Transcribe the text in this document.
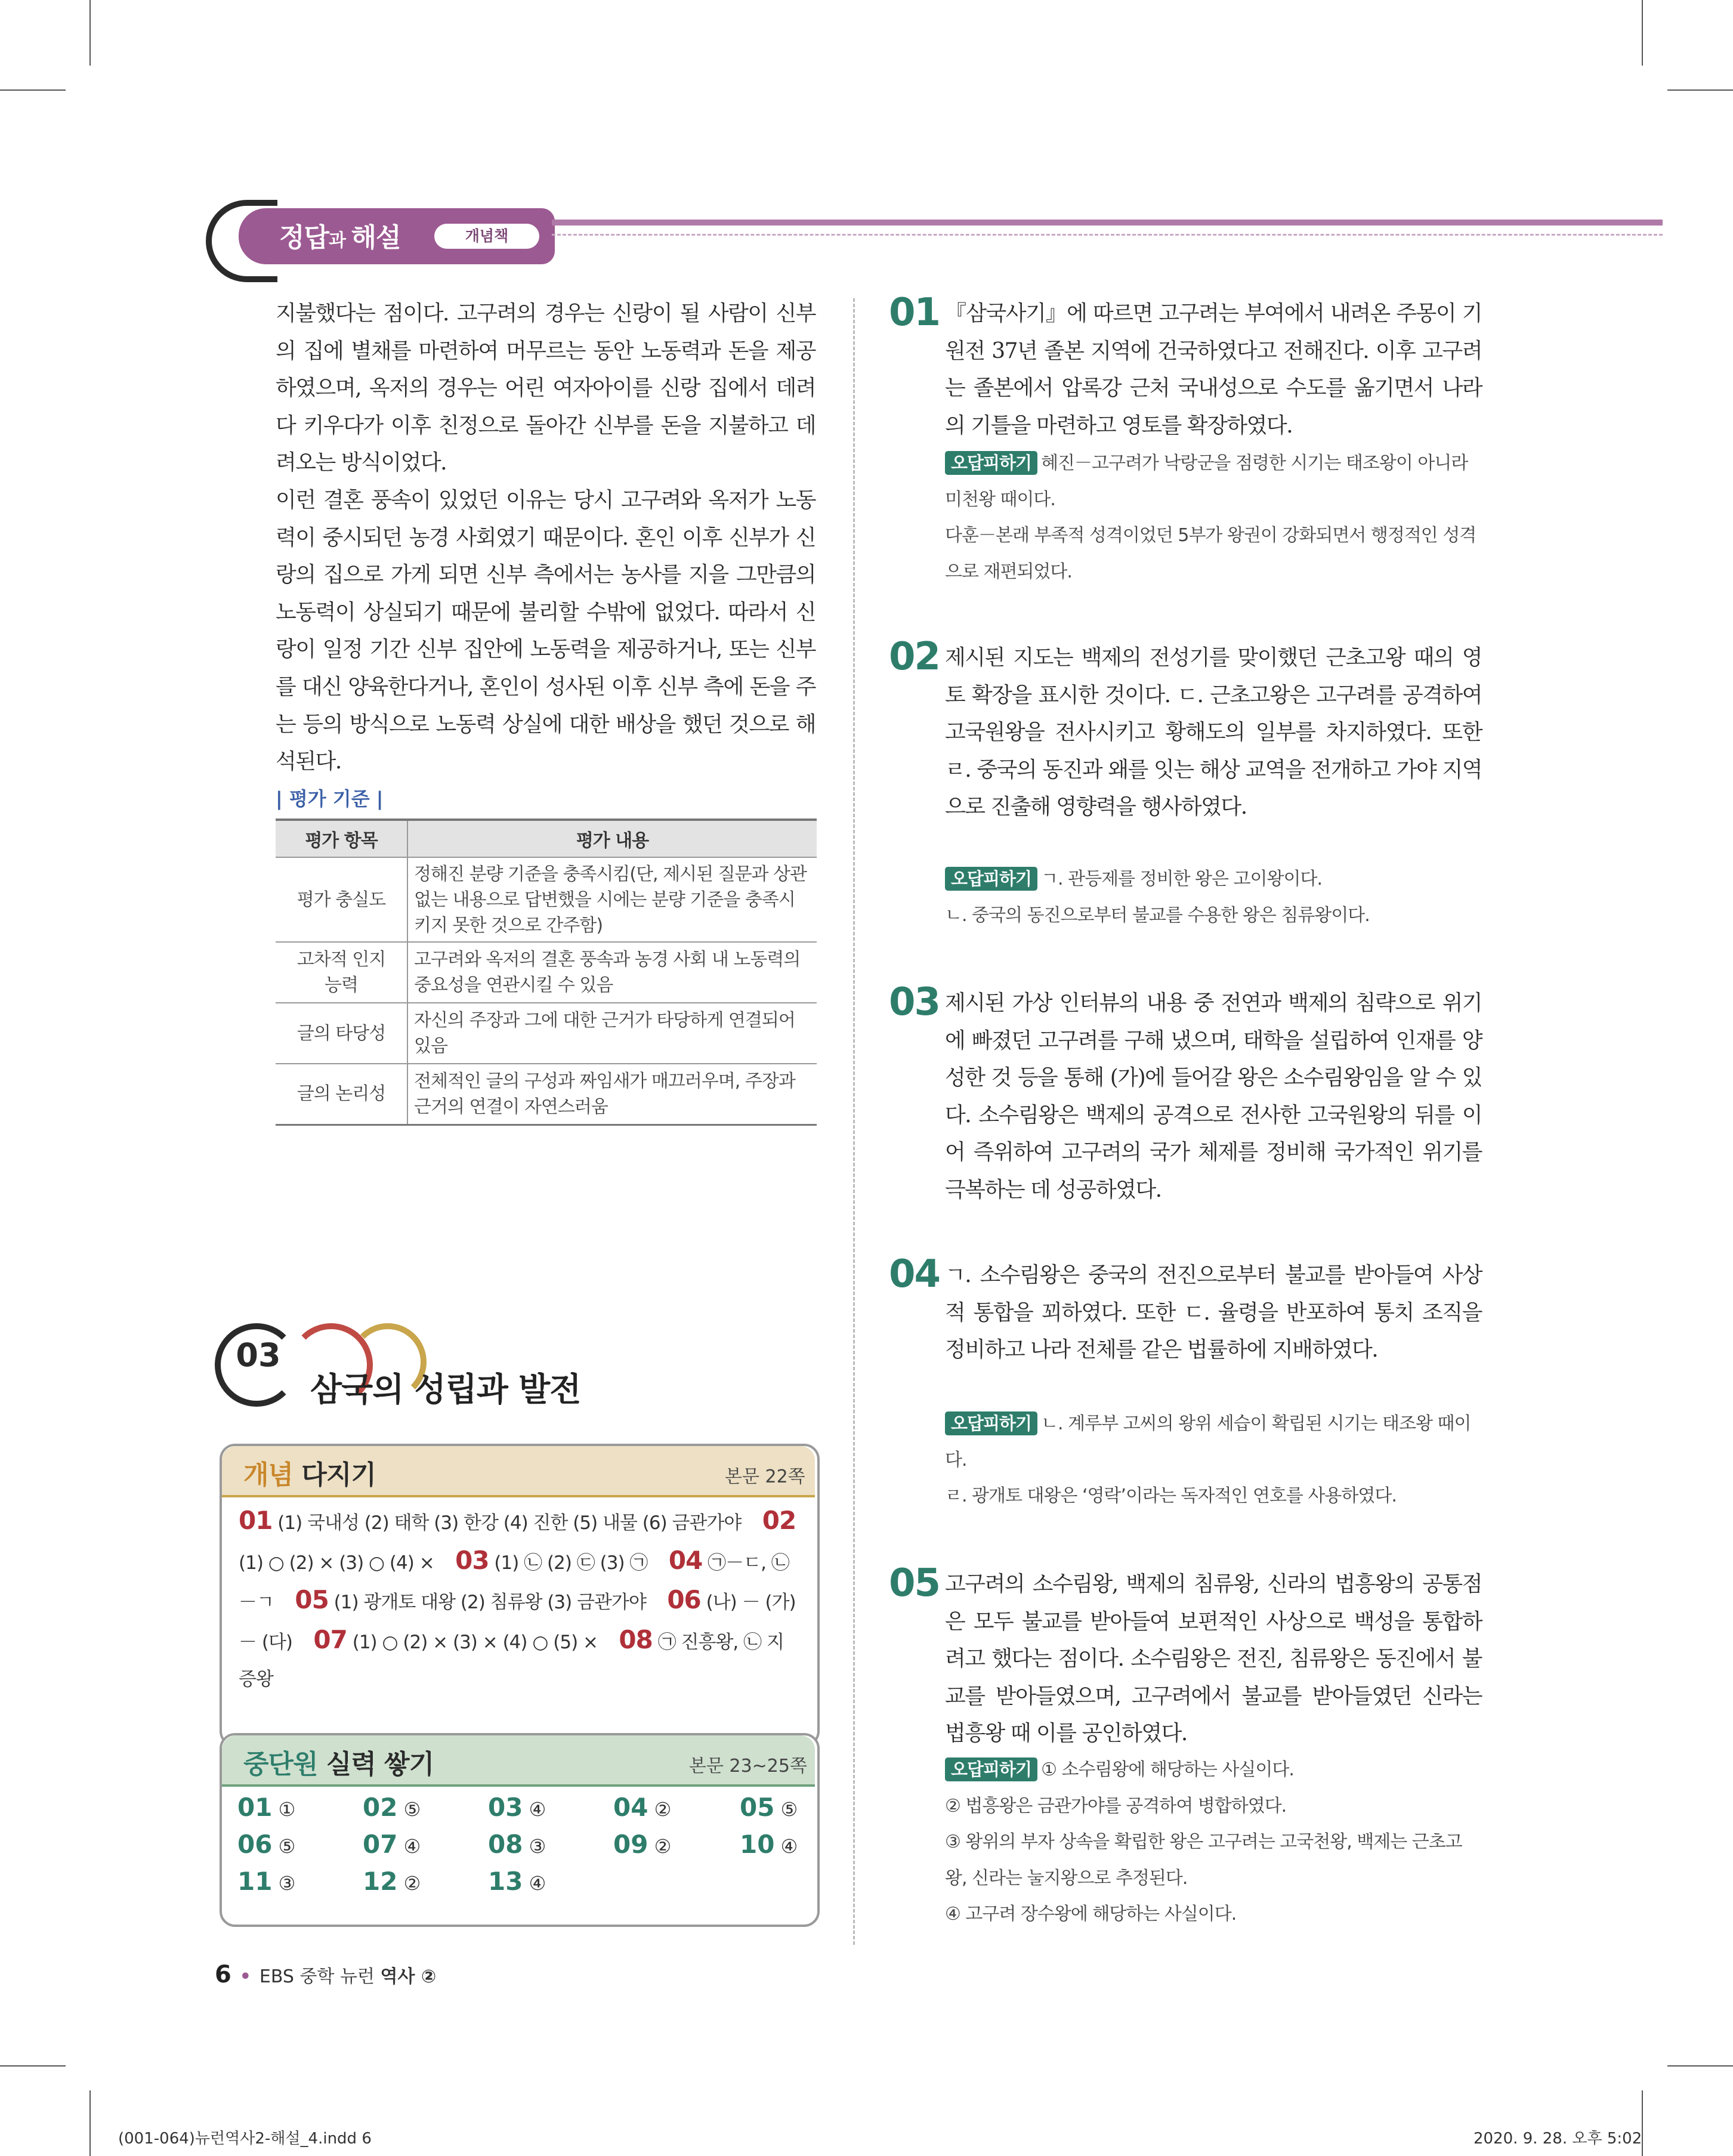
정답과 해설	개념책

지불했다는 점이다. 고구려의 경우는 신랑이 될 사람이 신부의 집에 별채를 마련하여 머무르는 동안 노동력과 돈을 제공하였으며, 옥저의 경우는 어린 여자아이를 신랑 집에서 데려다 키우다가 이후 친정으로 돌아간 신부를 돈을 지불하고 데려오는 방식이었다.

이런 결혼 풍속이 있었던 이유는 당시 고구려와 옥저가 노동력이 중시되던 농경 사회였기 때문이다. 혼인 이후 신부가 신랑의 집으로 가게 되면 신부 측에서는 농사를 지을 그만큼의 노동력이 상실되기 때문에 불리할 수밖에 없었다. 따라서 신랑이 일정 기간 신부 집안에 노동력을 제공하거나, 또는 신부를 대신 양육한다거나, 혼인이 성사된 이후 신부 측에 돈을 주는 등의 방식으로 노동력 상실에 대한 배상을 했던 것으로 해석된다.

| 평가 기준 |
평가 항목	평가 내용
평가 충실도	정해진 분량 기준을 충족시킴(단, 제시된 질문과 상관없는 내용으로 답변했을 시에는 분량 기준을 충족시키지 못한 것으로 간주함)
고차적 인지 능력	고구려와 옥저의 결혼 풍속과 농경 사회 내 노동력의 중요성을 연관시킬 수 있음
글의 타당성	자신의 주장과 그에 대한 근거가 타당하게 연결되어 있음
글의 논리성	전체적인 글의 구성과 짜임새가 매끄러우며, 주장과 근거의 연결이 자연스러움
03
삼국의 성립과 발전
개념 다지기	본문 22쪽
01 (1) 국내성 (2) 태학 (3) 한강 (4) 진한 (5) 내물 (6) 금관가야 02 (1) ○ (2) × (3) ○ (4) × 03 (1) ㉡ (2) ㉢ (3) ㉠ 04 ㉠－ㄷ, ㉡－ㄱ 05 (1) 광개토 대왕 (2) 침류왕 (3) 금관가야 06 (나) － (가) － (다) 07 (1) ○ (2) × (3) × (4) ○ (5) × 08 ㉠ 진흥왕, ㉡ 지증왕
중단원 실력 쌓기	본문 23~25쪽
01 ①	02 ⑤	03 ④	04 ②	05 ⑤
06 ⑤	07 ④	08 ③	09 ②	10 ④
11 ③	12 ②	13 ④
01 『삼국사기』에 따르면 고구려는 부여에서 내려온 주몽이 기원전 37년 졸본 지역에 건국하였다고 전해진다. 이후 고구려는 졸본에서 압록강 근처 국내성으로 수도를 옮기면서 나라의 기틀을 마련하고 영토를 확장하였다.

오답피하기 혜진－고구려가 낙랑군을 점령한 시기는 태조왕이 아니라 미천왕 때이다.

다훈－본래 부족적 성격이었던 5부가 왕권이 강화되면서 행정적인 성격으로 재편되었다.

02 제시된 지도는 백제의 전성기를 맞이했던 근초고왕 때의 영토 확장을 표시한 것이다. ㄷ. 근초고왕은 고구려를 공격하여 고국원왕을 전사시키고 황해도의 일부를 차지하였다. 또한 ㄹ. 중국의 동진과 왜를 잇는 해상 교역을 전개하고 가야 지역으로 진출해 영향력을 행사하였다.

오답피하기 ㄱ. 관등제를 정비한 왕은 고이왕이다.

ㄴ. 중국의 동진으로부터 불교를 수용한 왕은 침류왕이다.

03 제시된 가상 인터뷰의 내용 중 전연과 백제의 침략으로 위기에 빠졌던 고구려를 구해 냈으며, 태학을 설립하여 인재를 양성한 것 등을 통해 (가)에 들어갈 왕은 소수림왕임을 알 수 있다. 소수림왕은 백제의 공격으로 전사한 고국원왕의 뒤를 이어 즉위하여 고구려의 국가 체제를 정비해 국가적인 위기를 극복하는 데 성공하였다.

04 ㄱ. 소수림왕은 중국의 전진으로부터 불교를 받아들여 사상적 통합을 꾀하였다. 또한 ㄷ. 율령을 반포하여 통치 조직을 정비하고 나라 전체를 같은 법률하에 지배하였다.

오답피하기 ㄴ. 계루부 고씨의 왕위 세습이 확립된 시기는 태조왕 때이다.

ㄹ. 광개토 대왕은 ‘영락’이라는 독자적인 연호를 사용하였다.

05 고구려의 소수림왕, 백제의 침류왕, 신라의 법흥왕의 공통점은 모두 불교를 받아들여 보편적인 사상으로 백성을 통합하려고 했다는 점이다. 소수림왕은 전진, 침류왕은 동진에서 불교를 받아들였으며, 고구려에서 불교를 받아들였던 신라는 법흥왕 때 이를 공인하였다.

오답피하기 ① 소수림왕에 해당하는 사실이다.

② 법흥왕은 금관가야를 공격하여 병합하였다.

③ 왕위의 부자 상속을 확립한 왕은 고구려는 고국천왕, 백제는 근초고왕, 신라는 눌지왕으로 추정된다.

④ 고구려 장수왕에 해당하는 사실이다.

6 • EBS 중학 뉴런 역사 ②
(001-064)뉴런역사2-해설_4.indd 6	2020. 9. 28. 오후 5:02
